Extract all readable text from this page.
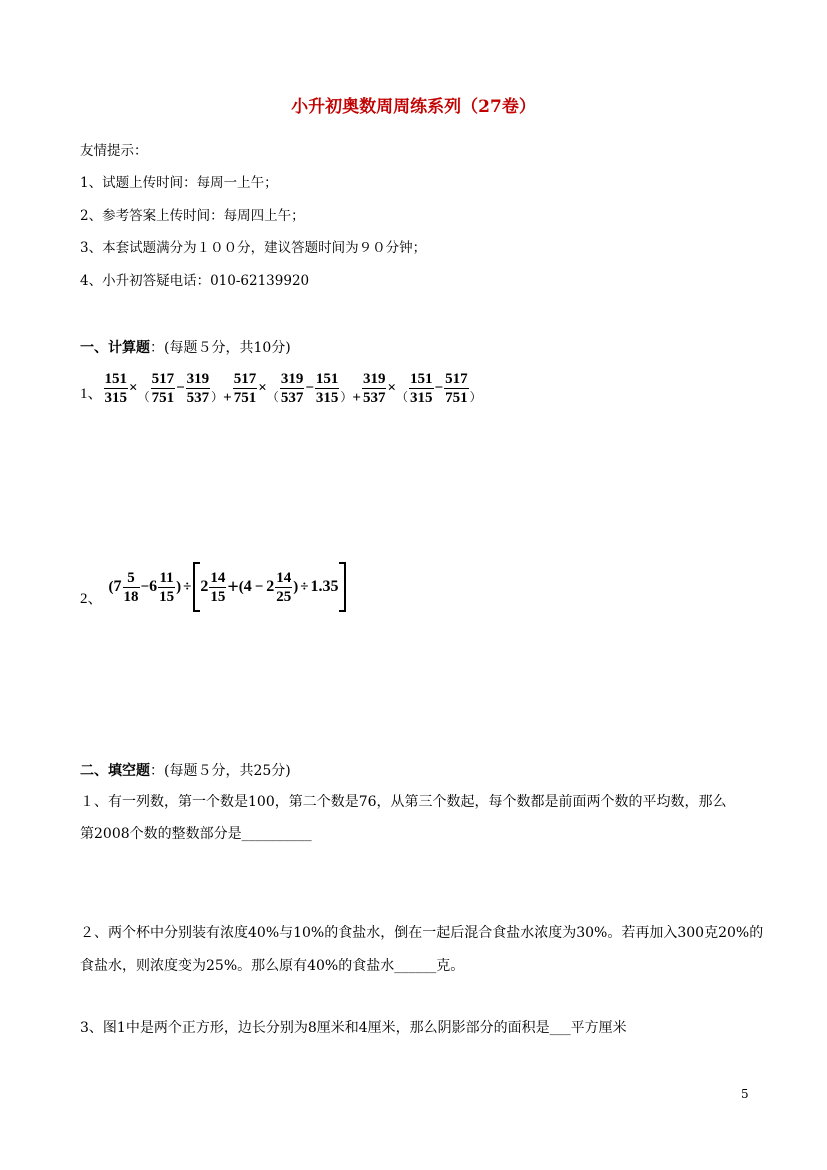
小升初奥数周周练系列（27卷）
友情提示：
1、试题上传时间：每周一上午；
2、参考答案上传时间：每周四上午；
3、本套试题满分为１００分，建议答题时间为９０分钟；
4、小升初答疑电话：010-62139920
一、计算题：(每题５分，共10分)
1、 $\frac{151}{315}$ ×
（
517
751
− $\frac{319}{537}$ ） + $\frac{517}{751}$ ×
（
319
537
− $\frac{151}{315}$ ） + $\frac{319}{537}$ ×
（
151
315
− $\frac{517}{751}$ ）
2、
( 7
5
18
− 6
11
15
) ÷ 2
14
15 + ( 4 − 2
14
25
) ÷ 1.35
二、填空题：(每题５分，共25分)
１、有一列数，第一个数是100，第二个数是76，从第三个数起，每个数都是前面两个数的平均数，那么
第2008个数的整数部分是__________
２、两个杯中分别装有浓度40%与10%的食盐水，倒在一起后混合食盐水浓度为30%。若再加入300克20%的
食盐水，则浓度变为25%。那么原有40%的食盐水______克。
3、图1中是两个正方形，边长分别为8厘米和4厘米，那么阴影部分的面积是___平方厘米
5
